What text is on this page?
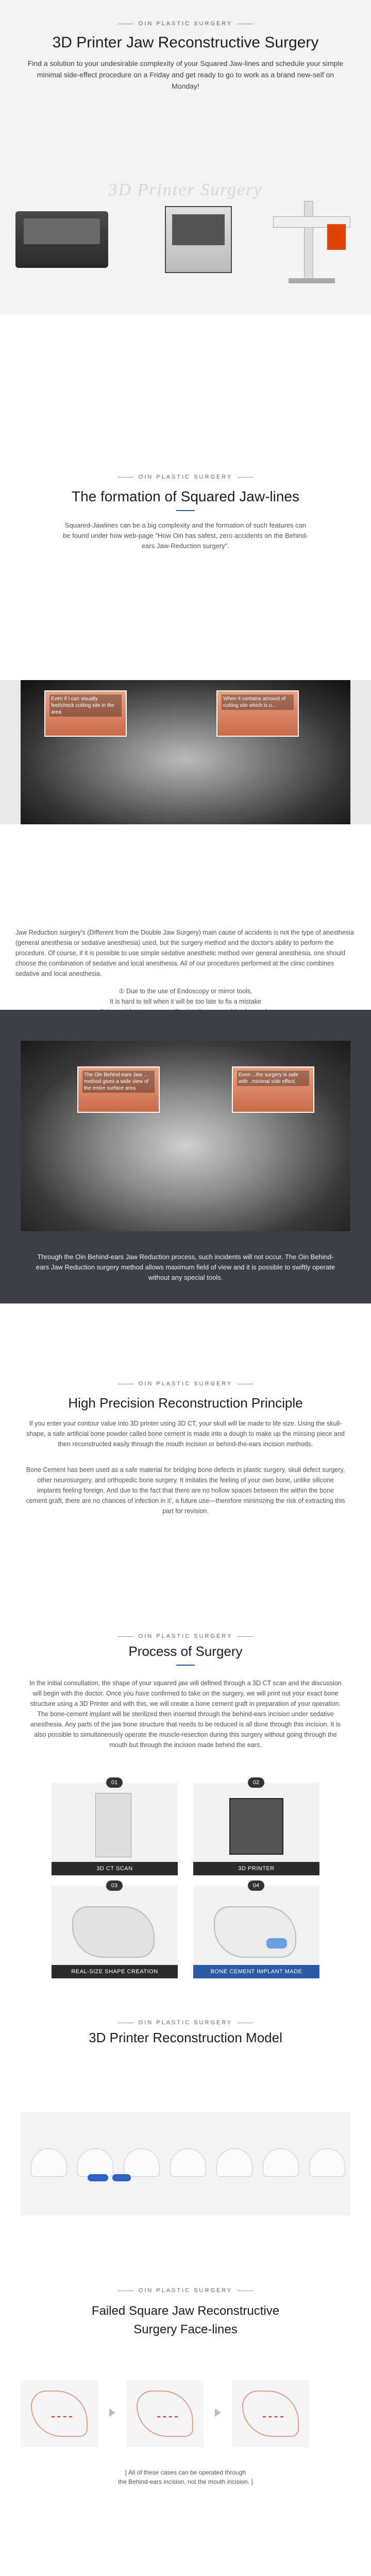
OIN PLASTIC SURGERY
3D Printer Jaw Reconstructive Surgery

Find a solution to your undesirable complexity of your Squared Jaw-lines and schedule your simple minimal side-effect procedure on a Friday and get ready to go to work as a brand new-self on Monday!

3D Printer Surgery
OIN PLASTIC SURGERY
The formation of Squared Jaw-lines

Squared-Jawlines can be a big complexity and the formation of such features can be found under how web-page "How Oin has safest, zero accidents on the Behind-ears Jaw-Reduction surgery".

Even if I can visually feel/check cutting site in the area
When it contains amount of cutting site which is o...

Jaw Reduction surgery's (Different from the Double Jaw Surgery) main cause of accidents is not the type of anesthesia (general anesthesia or sedative anesthesia) used, but the surgery method and the doctor's ability to perform the procedure. Of course, if it is possible to use simple sedative anesthetic method over general anesthesia, one should choose the combination of sedative and local anesthesia. All of our procedures performed at the clinic combines sedative and local anesthesia.

① Due to the use of Endoscopy or mirror tools,

It is hard to tell when it will be too late to fix a mistake

The Oin Behind-ears Jaw ... method gives a wide view of the entire surface area
Even ...the surgery is safe with ..minimal side effect.

Through the Oin Behind-ears Jaw Reduction process, such incidents will not occur. The Oin Behind-ears Jaw Reduction surgery method allows maximum field of view and it is possible to swiftly operate without any special tools.

OIN PLASTIC SURGERY
High Precision Reconstruction Principle

If you enter your contour value into 3D printer using 3D CT, your skull will be made to life size. Using the skull-shape, a safe artificial bone powder called bone cement is made into a dough to make up the missing piece and then reconstructed easily through the mouth incision or behind-the-ears incision methods.

Bone Cement has been used as a safe material for bridging bone defects in plastic surgery, skull defect surgery, other neurosurgery, and orthopedic bone surgery. It imitates the feeling of your own bone, unlike silicone implants feeling foreign. And due to the fact that there are no hollow spaces between the within the bone cement graft, there are no chances of infection in it', a future use—therefore minimizing the risk of extracting this part for revision.

OIN PLASTIC SURGERY
Process of Surgery

In the initial consultation, the shape of your squared jaw will defined through a 3D CT scan and the discussion will begin with the doctor. Once you have confirmed to take on the surgery, we will print out your exact bone structure using a 3D Printer and with this, we will create a bone cement graft in preparation of your operation. The bone-cement implant will be sterilized then inserted through the behind-ears incision under sedative anesthesia. Any parts of the jaw bone structure that needs to be reduced is all done through this incision. It is also possible to simultaneously operate the muscle-resection during this surgery without going through the mouth but through the incision made behind the ears.

01
3D CT SCAN
02
3D PRINTER
03
REAL-SIZE SHAPE CREATION
04
BONE CEMENT IMPLANT MADE
OIN PLASTIC SURGERY
3D Printer Reconstruction Model
OIN PLASTIC SURGERY
Failed Square Jaw Reconstructive
Surgery Face-lines

[ All of these cases can be operated through
the Behind-ears incision, not the mouth incision. ]
